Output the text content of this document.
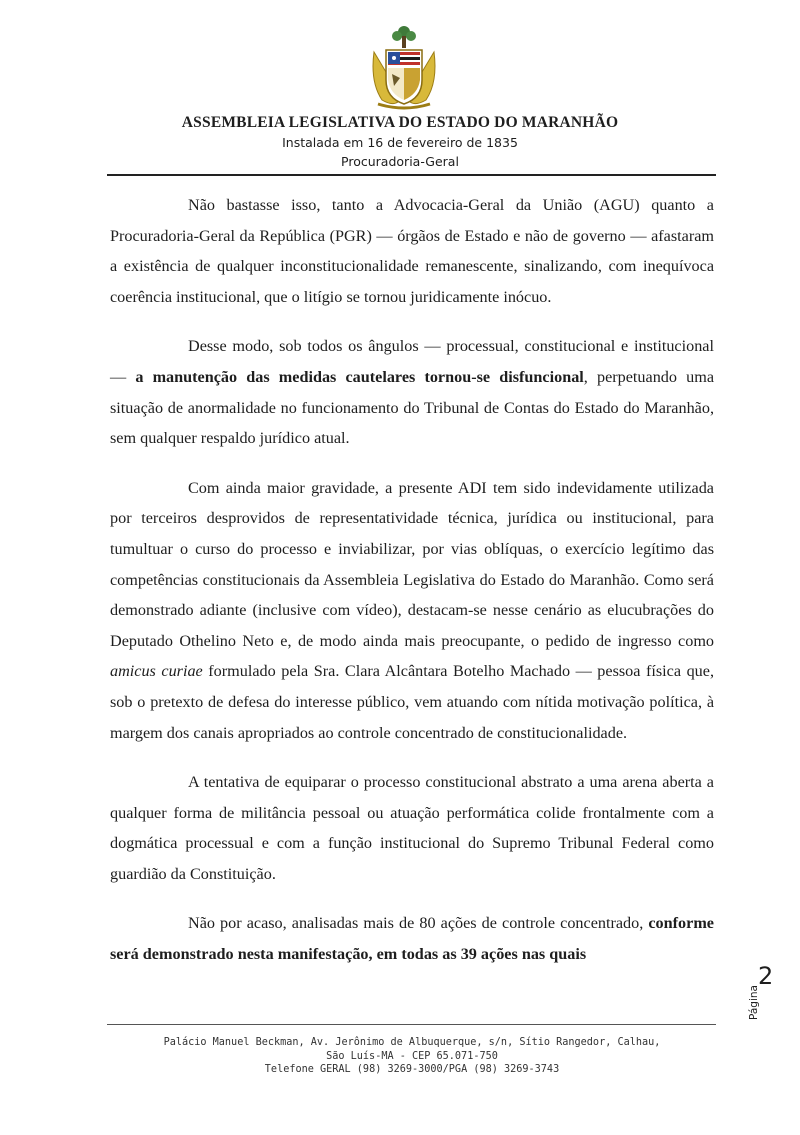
ASSEMBLEIA LEGISLATIVA DO ESTADO DO MARANHÃO
Instalada em 16 de fevereiro de 1835
Procuradoria-Geral

Não bastasse isso, tanto a Advocacia-Geral da União (AGU) quanto a Procuradoria-Geral da República (PGR) — órgãos de Estado e não de governo — afastaram a existência de qualquer inconstitucionalidade remanescente, sinalizando, com inequívoca coerência institucional, que o litígio se tornou juridicamente inócuo.

Desse modo, sob todos os ângulos — processual, constitucional e institucional — a manutenção das medidas cautelares tornou-se disfuncional, perpetuando uma situação de anormalidade no funcionamento do Tribunal de Contas do Estado do Maranhão, sem qualquer respaldo jurídico atual.

Com ainda maior gravidade, a presente ADI tem sido indevidamente utilizada por terceiros desprovidos de representatividade técnica, jurídica ou institucional, para tumultuar o curso do processo e inviabilizar, por vias oblíquas, o exercício legítimo das competências constitucionais da Assembleia Legislativa do Estado do Maranhão. Como será demonstrado adiante (inclusive com vídeo), destacam-se nesse cenário as elucubrações do Deputado Othelino Neto e, de modo ainda mais preocupante, o pedido de ingresso como amicus curiae formulado pela Sra. Clara Alcântara Botelho Machado — pessoa física que, sob o pretexto de defesa do interesse público, vem atuando com nítida motivação política, à margem dos canais apropriados ao controle concentrado de constitucionalidade.

A tentativa de equiparar o processo constitucional abstrato a uma arena aberta a qualquer forma de militância pessoal ou atuação performática colide frontalmente com a dogmática processual e com a função institucional do Supremo Tribunal Federal como guardião da Constituição.

Não por acaso, analisadas mais de 80 ações de controle concentrado, conforme será demonstrado nesta manifestação, em todas as 39 ações nas quais

Página
2
Palácio Manuel Beckman, Av. Jerônimo de Albuquerque, s/n, Sítio Rangedor, Calhau,
São Luís-MA - CEP 65.071-750
Telefone GERAL (98) 3269-3000/PGA (98) 3269-3743
